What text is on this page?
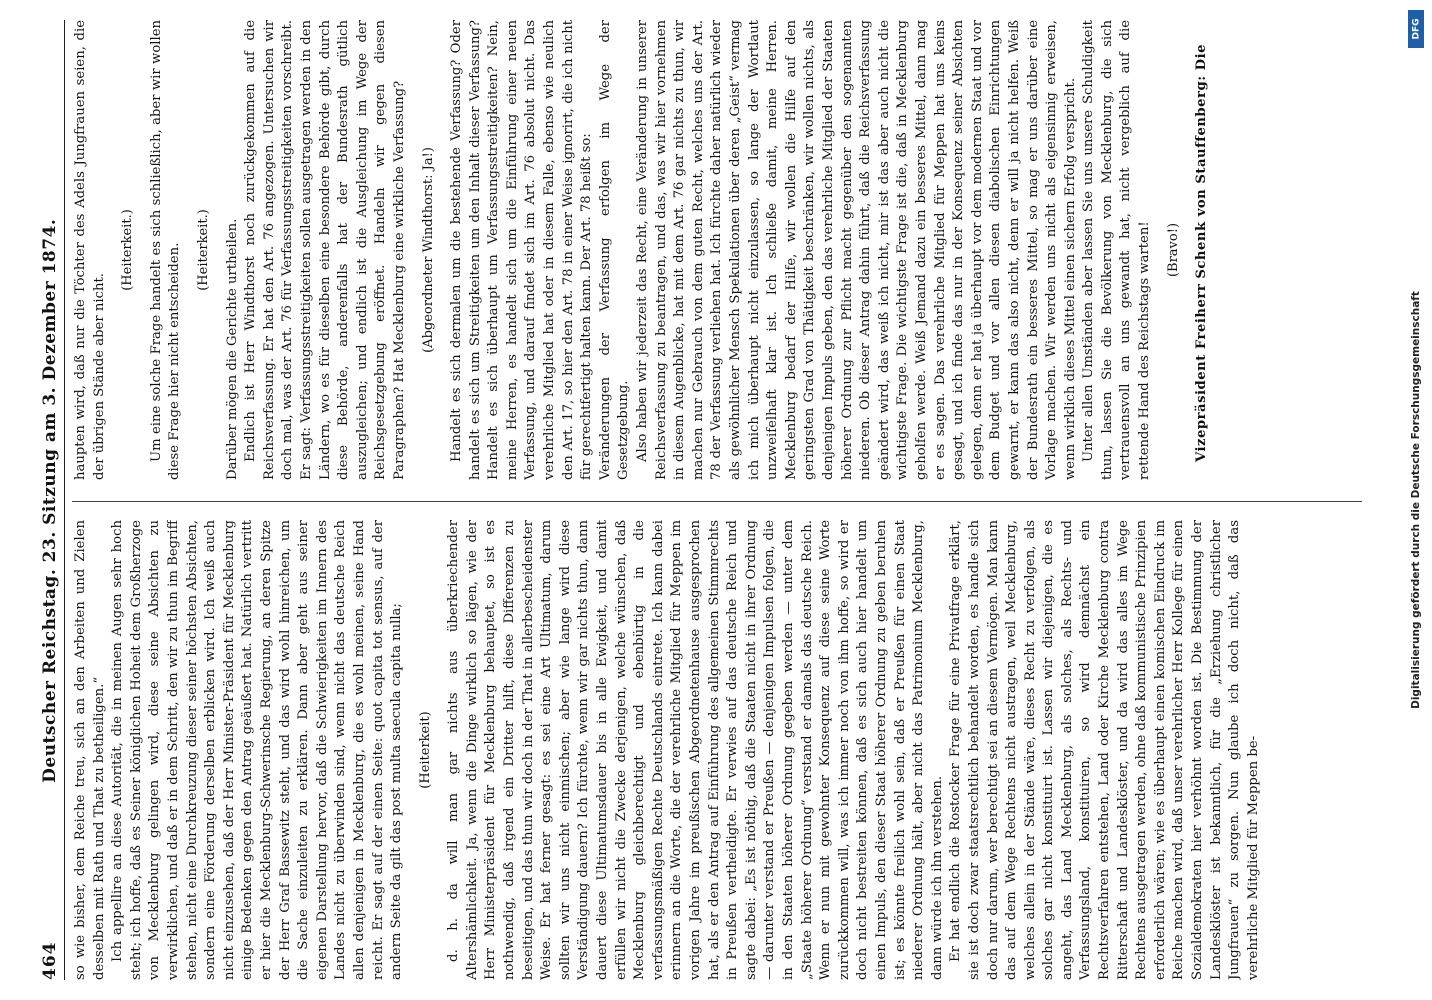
464
Deutscher Reichstag. 23. Sitzung am 3. Dezember 1874. so wie bisher, dem Reiche treu, sich an den Arbeiten und Zielen desselben mit Rath und That zu betheiligen.“ Ich appellire an diese Autorität, die in meinen Augen sehr hoch steht; ich hoffe, daß es Seiner königlichen Hoheit dem Großherzoge von Mecklenburg gelingen wird, diese seine Absichten zu verwirklichen, und daß er in dem Schritt, den wir zu thun im Begriff stehen, nicht eine Durchkreuzung dieser seiner höchsten Absichten, sondern eine Förderung derselben erblicken wird. Ich weiß auch nicht einzusehen, daß der Herr Minister-Präsident für Mecklenburg einige Bedenken gegen den Antrag geäußert hat. Natürlich vertritt er hier die Mecklenburg-Schwerinsche Regierung, an deren Spitze der Herr Graf Bassewitz steht, und das wird wohl hinreichen, um die Sache einzuleiten zu erklären. Dann aber geht aus seiner eigenen Darstellung hervor, daß die Schwierigkeiten im Innern des Landes nicht zu überwinden sind, wenn nicht das deutsche Reich allen denjenigen in Mecklenburg, die es wohl meinen, seine Hand reicht. Er sagt auf der einen Seite: quot capita tot sensus, auf der andern Seite da gilt das post multa saecula capita nulla; (Heiterkeit) d. h. da will man gar nichts aus überkriechender Altershämlichkeit. Ja, wenn die Dinge wirklich so lägen, wie der Herr Ministerpräsident für Mecklenburg behauptet, so ist es nothwendig, daß irgend ein Dritter hilft, diese Differenzen zu beseitigen, und das thun wir doch in der That in allerbescheidenster Weise. Er hat ferner gesagt: es sei eine Art Ultimatum, darum sollten wir uns nicht einmischen; aber wie lange wird diese Verständigung dauern? Ich fürchte, wenn wir gar nichts thun, dann dauert diese Ultimatumsdauer bis in alle Ewigkeit, und damit erfüllen wir nicht die Zwecke derjenigen, welche wünschen, daß Mecklenburg gleichberechtigt und ebenbürtig in die verfassungsmäßigen Rechte Deutschlands eintrete. Ich kann dabei erinnern an die Worte, die der verehrliche Mitglied für Meppen im vorigen Jahre im preußischen Abgeordnetenhause ausgesprochen hat, als er den Antrag auf Einführung des allgemeinen Stimmrechts in Preußen vertheidigte. Er verwies auf das deutsche Reich und sagte dabei: „Es ist nöthig, daß die Staaten nicht in ihrer Ordnung — darunter verstand er Preußen — denjenigen Impulsen folgen, die in den Staaten höherer Ordnung gegeben werden — unter dem „Staate höherer Ordnung“ verstand er damals das deutsche Reich. Wenn er nun mit gewohnter Konsequenz auf diese seine Worte zurückkommen will, was ich immer noch von ihm hoffe, so wird er doch nicht bestreiten können, daß es sich auch hier handelt um einen Impuls, den dieser Staat höherer Ordnung zu geben beruhen ist; es könnte freilich wohl sein, daß er Preußen für einen Staat niederer Ordnung hält, aber nicht das Patrimonium Mecklenburg, dann würde ich ihn verstehen. Er hat endlich die Rostocker Frage für eine Privatfrage erklärt, sie ist doch zwar staatsrechtlich behandelt worden, es handle sich doch nur darum, wer berechtigt sei an diesem Vermögen. Man kann das auf dem Wege Rechtens nicht austragen, weil Mecklenburg, welches allein in der Stände wäre, dieses Recht zu verfolgen, als solches gar nicht konstituirt ist. Lassen wir diejenigen, die es angeht, das Land Mecklenburg, als solches, als Rechts- und Verfassungsland, konstituiren, so wird demnächst ein Rechtsverfahren entstehen, Land oder Kirche Mecklenburg contra Ritterschaft und Landesklöster, und da wird das alles im Wege Rechtens ausgetragen werden, ohne daß kommunistische Prinzipien erforderlich wären; wie es überhaupt einen komischen Eindruck im Reiche machen wird, daß unser verehrlicher Herr Kollege für einen Sozialdemokraten hier verhöhnt worden ist. Die Bestimmung der Landesklöster ist bekanntlich, für die „Erziehung christlicher Jungfrauen“ zu sorgen. Nun glaube ich doch nicht, daß das verehrliche Mitglied für Meppen be-

haupten wird, daß nur die Töchter des Adels Jungfrauen seien, die der übrigen Stände aber nicht.

(Heiterkeit.) Um eine solche Frage handelt es sich schließlich, aber wir wollen diese Frage hier nicht entscheiden. (Heiterkeit.) Darüber mögen die Gerichte urtheilen. Endlich ist Herr Windthorst noch zurückgekommen auf die Reichsverfassung. Er hat den Art. 76 angezogen. Untersuchen wir doch mal, was der Art. 76 für Verfassungsstreitigkeiten vorschreibt. Er sagt: Verfassungsstreitigkeiten sollen ausgetragen werden in den Ländern, wo es für dieselben eine besondere Behörde gibt, durch diese Behörde, anderenfalls hat der Bundesrath gütlich auszugleichen; und endlich ist die Ausgleichung im Wege der Reichsgesetzgebung eröffnet. Handeln wir gegen diesen Paragraphen? Hat Mecklenburg eine wirkliche Verfassung? (Abgeordneter Windthorst: Ja!) Handelt es sich dermalen um die bestehende Verfassung? Oder handelt es sich um Streitigkeiten um den Inhalt dieser Verfassung? Handelt es sich überhaupt um Verfassungsstreitigkeiten? Nein, meine Herren, es handelt sich um die Einführung einer neuen Verfassung, und darauf findet sich im Art. 76 absolut nicht. Das verehrliche Mitglied hat oder in diesem Falle, ebenso wie neulich den Art. 17, so hier den Art. 78 in einer Weise ignorirt, die ich nicht für gerechtfertigt halten kann. Der Art. 78 heißt so: Veränderungen der Verfassung erfolgen im Wege der Gesetzgebung. Also haben wir jederzeit das Recht, eine Veränderung in unserer Reichsverfassung zu beantragen, und das, was wir hier vornehmen in diesem Augenblicke, hat mit dem Art. 76 gar nichts zu thun, wir machen nur Gebrauch von dem guten Recht, welches uns der Art. 78 der Verfassung verliehen hat. Ich fürchte daher natürlich wieder als gewöhnlicher Mensch Spekulationen über deren „Geist“ vermag ich mich überhaupt nicht einzulassen, so lange der Wortlaut unzweifelhaft klar ist. Ich schließe damit, meine Herren. Mecklenburg bedarf der Hilfe, wir wollen die Hilfe auf den geringsten Grad von Thätigkeit beschränken, wir wollen nichts, als denjenigen Impuls geben, den das verehrliche Mitglied der Staaten höherer Ordnung zur Pflicht macht gegenüber den sogenannten niederen. Ob dieser Antrag dahin führt, daß die Reichsverfassung geändert wird, das weiß ich nicht, mir ist das aber auch nicht die wichtigste Frage. Die wichtigste Frage ist die, daß in Mecklenburg geholfen werde. Weiß Jemand dazu ein besseres Mittel, dann mag er es sagen. Das verehrliche Mitglied für Meppen hat uns keins gesagt, und ich finde das nur in der Konsequenz seiner Absichten gelegen, denn er hat ja überhaupt vor dem modernen Staat und vor dem Budget und vor allen diesen diabolischen Einrichtungen gewarnt, er kann das also nicht, denn er will ja nicht helfen. Weiß der Bundesrath ein besseres Mittel, so mag er uns darüber eine Vorlage machen. Wir werden uns nicht als eigensinnig erweisen, wenn wirklich dieses Mittel einen sichern Erfolg verspricht. Unter allen Umständen aber lassen Sie uns unsere Schuldigkeit thun, lassen Sie die Bevölkerung von Mecklenburg, die sich vertrauensvoll an uns gewandt hat, nicht vergeblich auf die rettende Hand des Reichstags warten! (Bravo!) Vizepräsident Freiherr Schenk von Stauffenberg: Die

DFG
Digitalisierung gefördert durch die Deutsche Forschungsgemeinschaft
